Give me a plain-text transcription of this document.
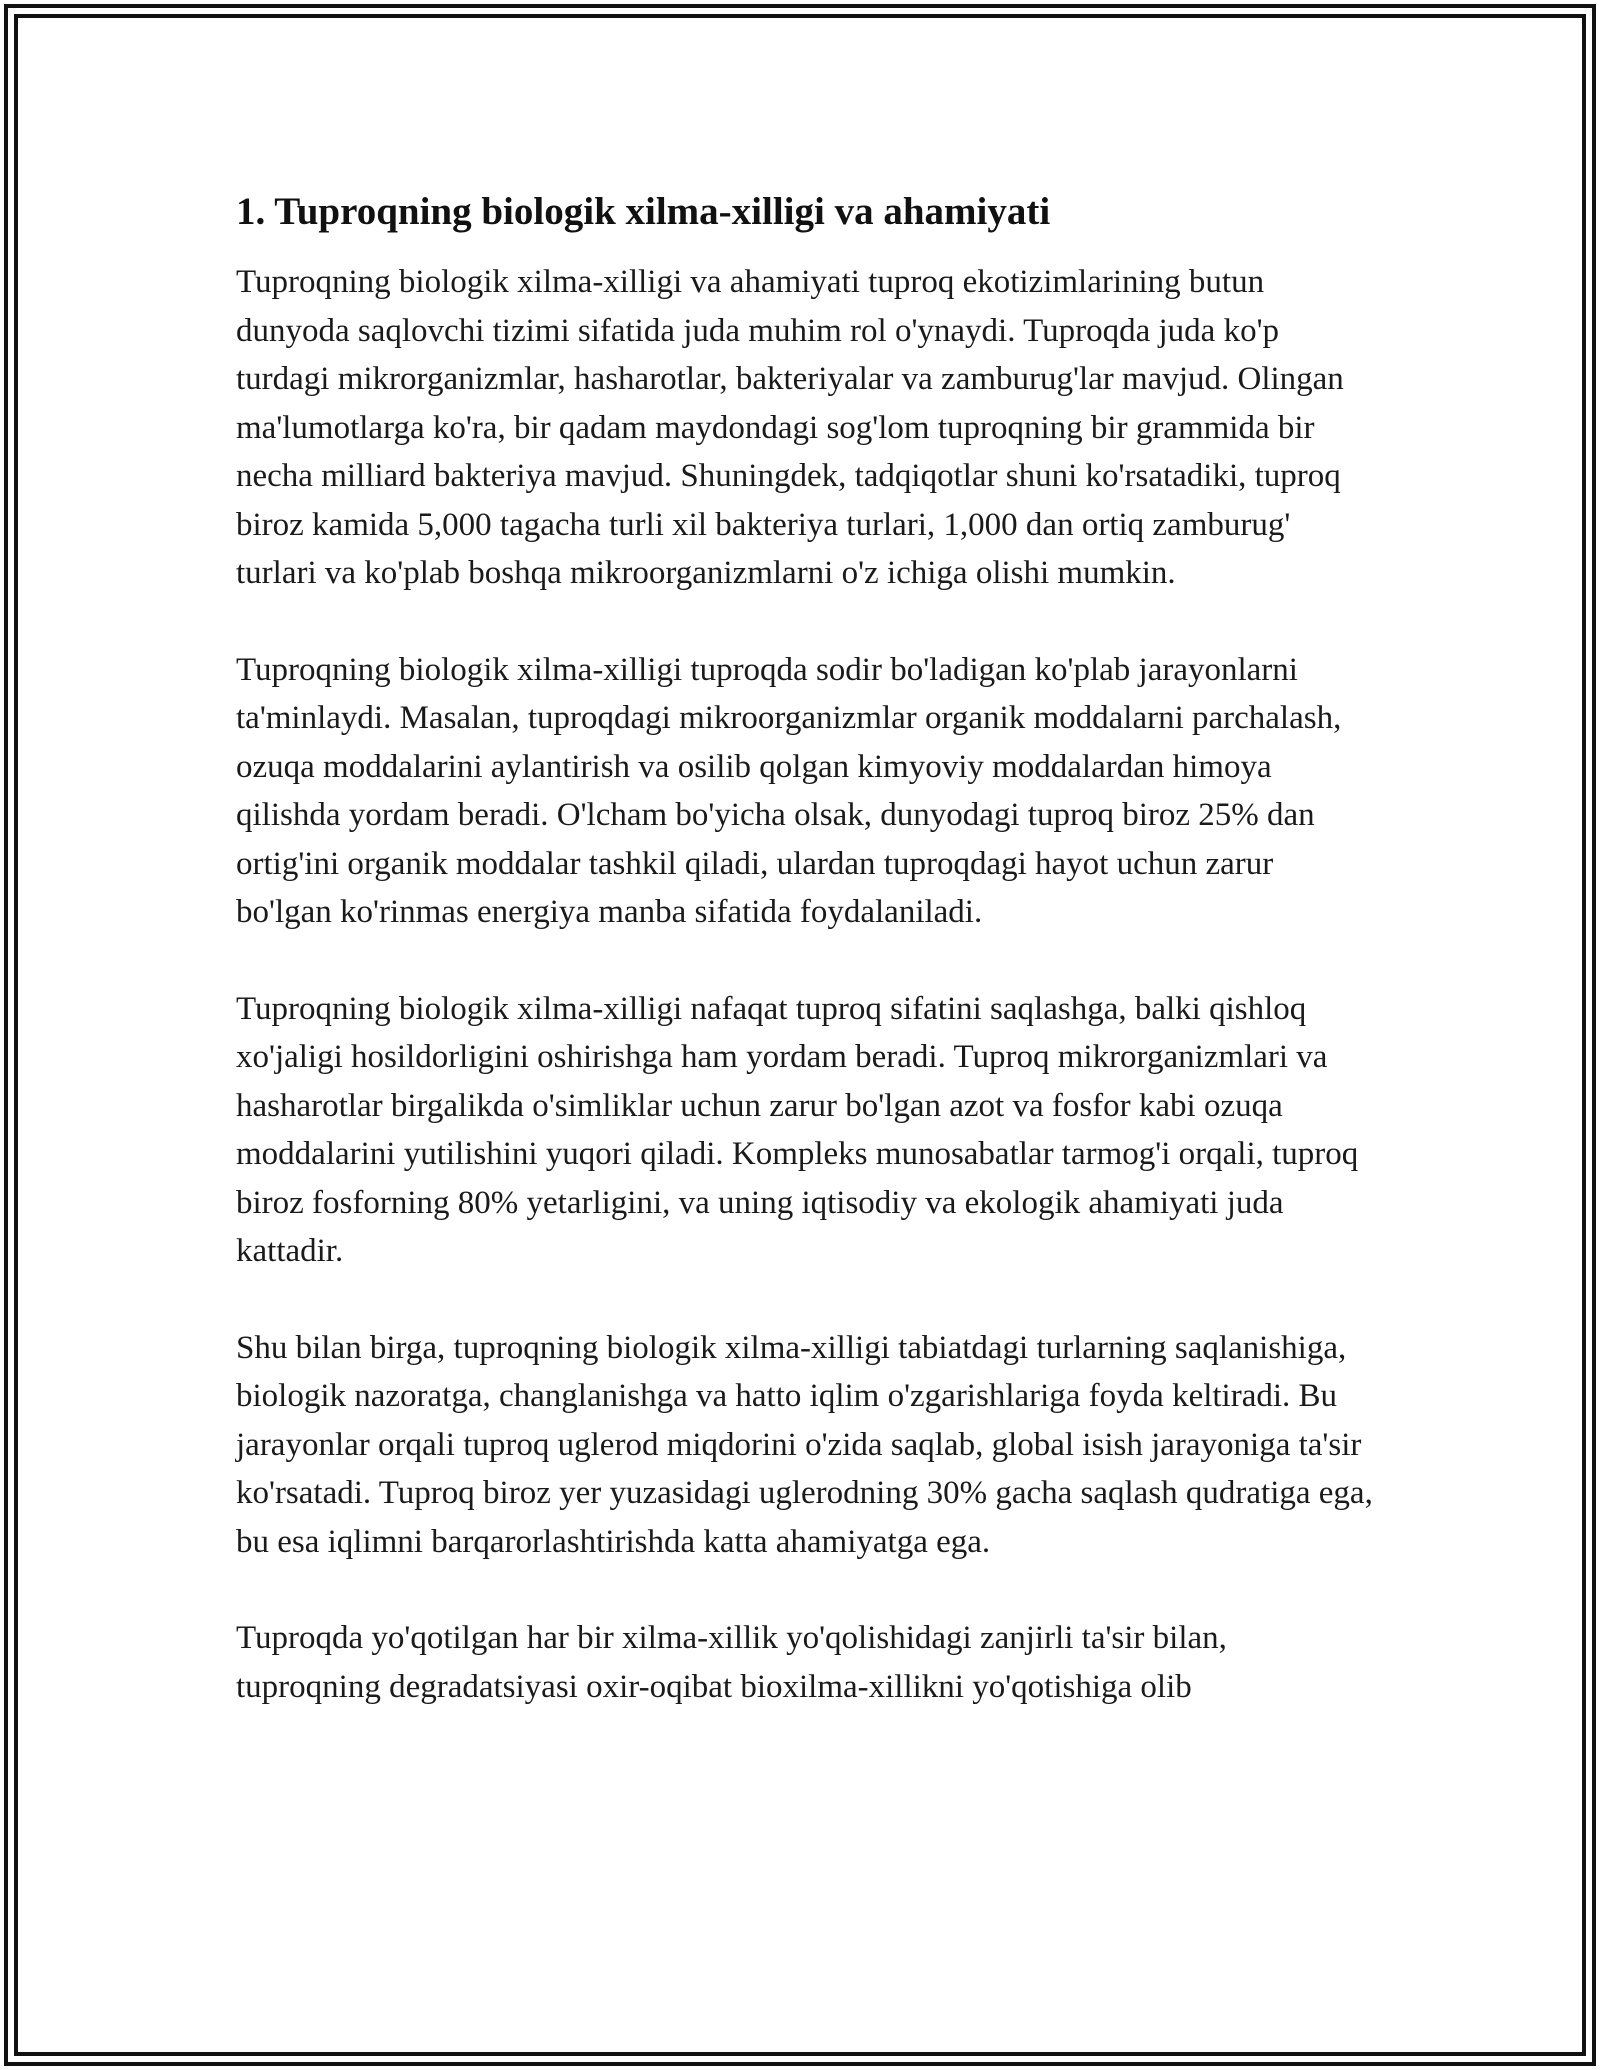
1. Tuproqning biologik xilma-xilligi va ahamiyati

Tuproqning biologik xilma-xilligi va ahamiyati tuproq ekotizimlarining butun dunyoda saqlovchi tizimi sifatida juda muhim rol o'ynaydi. Tuproqda juda ko'p turdagi mikrorganizmlar, hasharotlar, bakteriyalar va zamburug'lar mavjud. Olingan ma'lumotlarga ko'ra, bir qadam maydondagi sog'lom tuproqning bir grammida bir necha milliard bakteriya mavjud. Shuningdek, tadqiqotlar shuni ko'rsatadiki, tuproq biroz kamida 5,000 tagacha turli xil bakteriya turlari, 1,000 dan ortiq zamburug' turlari va ko'plab boshqa mikroorganizmlarni o'z ichiga olishi mumkin.

Tuproqning biologik xilma-xilligi tuproqda sodir bo'ladigan ko'plab jarayonlarni ta'minlaydi. Masalan, tuproqdagi mikroorganizmlar organik moddalarni parchalash, ozuqa moddalarini aylantirish va osilib qolgan kimyoviy moddalardan himoya qilishda yordam beradi. O'lcham bo'yicha olsak, dunyodagi tuproq biroz 25% dan ortig'ini organik moddalar tashkil qiladi, ulardan tuproqdagi hayot uchun zarur bo'lgan ko'rinmas energiya manba sifatida foydalaniladi.

Tuproqning biologik xilma-xilligi nafaqat tuproq sifatini saqlashga, balki qishloq xo'jaligi hosildorligini oshirishga ham yordam beradi. Tuproq mikrorganizmlari va hasharotlar birgalikda o'simliklar uchun zarur bo'lgan azot va fosfor kabi ozuqa moddalarini yutilishini yuqori qiladi. Kompleks munosabatlar tarmog'i orqali, tuproq biroz fosforning 80% yetarligini, va uning iqtisodiy va ekologik ahamiyati juda kattadir.

Shu bilan birga, tuproqning biologik xilma-xilligi tabiatdagi turlarning saqlanishiga, biologik nazoratga, changlanishga va hatto iqlim o'zgarishlariga foyda keltiradi. Bu jarayonlar orqali tuproq uglerod miqdorini o'zida saqlab, global isish jarayoniga ta'sir ko'rsatadi. Tuproq biroz yer yuzasidagi uglerodning 30% gacha saqlash qudratiga ega, bu esa iqlimni barqarorlashtirishda katta ahamiyatga ega.

Tuproqda yo'qotilgan har bir xilma-xillik yo'qolishidagi zanjirli ta'sir bilan, tuproqning degradatsiyasi oxir-oqibat bioxilma-xillikni yo'qotishiga olib
